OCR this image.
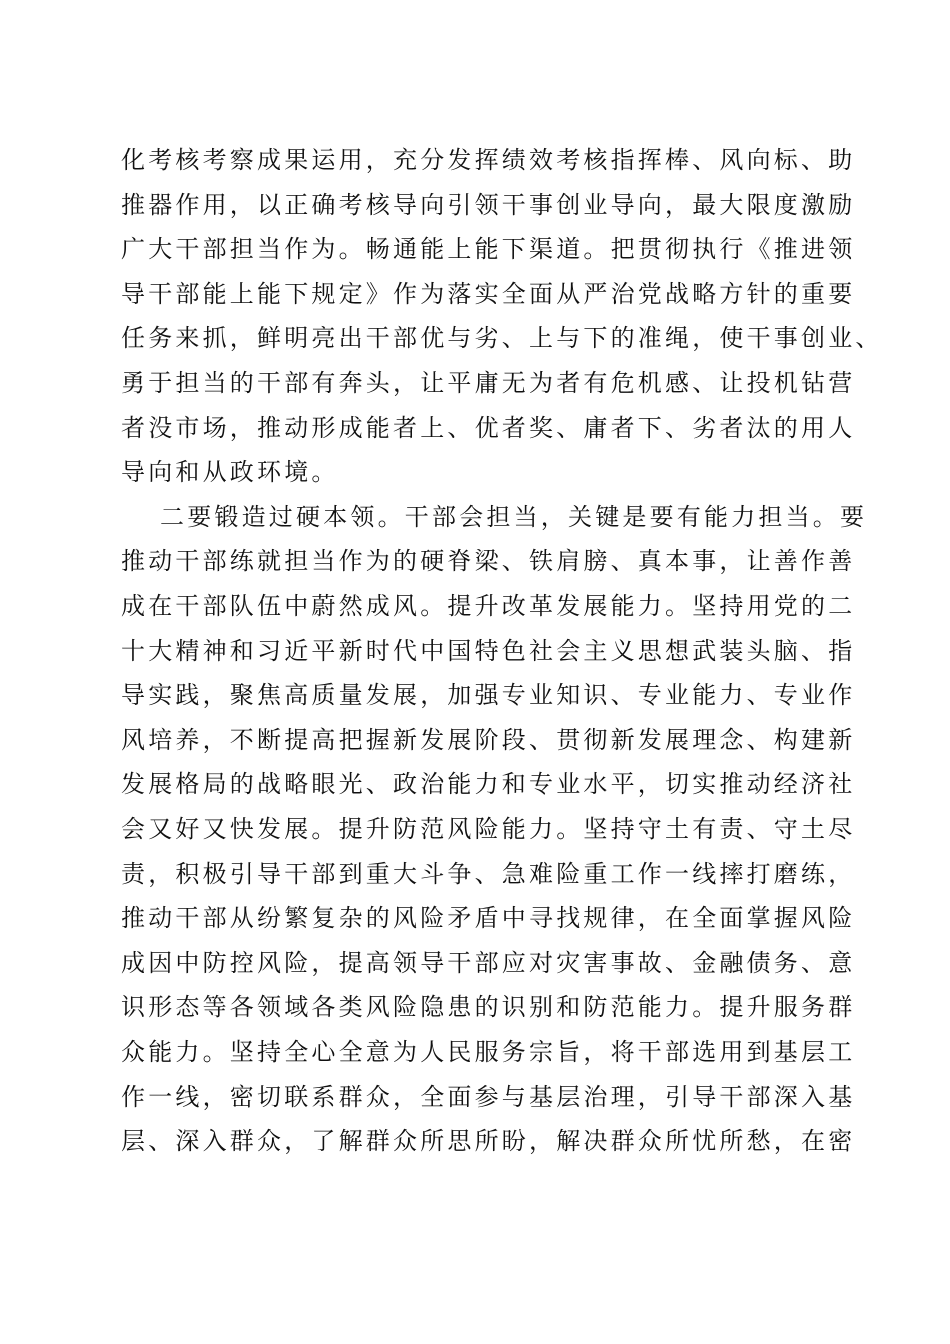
化考核考察成果运用，充分发挥绩效考核指挥棒、风向标、助
推器作用，以正确考核导向引领干事创业导向，最大限度激励
广大干部担当作为。畅通能上能下渠道。把贯彻执行《推进领
导干部能上能下规定》作为落实全面从严治党战略方针的重要
任务来抓，鲜明亮出干部优与劣、上与下的准绳，使干事创业、
勇于担当的干部有奔头，让平庸无为者有危机感、让投机钻营
者没市场，推动形成能者上、优者奖、庸者下、劣者汰的用人
导向和从政环境。
二要锻造过硬本领。干部会担当，关键是要有能力担当。要
推动干部练就担当作为的硬脊梁、铁肩膀、真本事，让善作善
成在干部队伍中蔚然成风。提升改革发展能力。坚持用党的二
十大精神和习近平新时代中国特色社会主义思想武装头脑、指
导实践，聚焦高质量发展，加强专业知识、专业能力、专业作
风培养，不断提高把握新发展阶段、贯彻新发展理念、构建新
发展格局的战略眼光、政治能力和专业水平，切实推动经济社
会又好又快发展。提升防范风险能力。坚持守土有责、守土尽
责，积极引导干部到重大斗争、急难险重工作一线摔打磨练，
推动干部从纷繁复杂的风险矛盾中寻找规律，在全面掌握风险
成因中防控风险，提高领导干部应对灾害事故、金融债务、意
识形态等各领域各类风险隐患的识别和防范能力。提升服务群
众能力。坚持全心全意为人民服务宗旨，将干部选用到基层工
作一线，密切联系群众，全面参与基层治理，引导干部深入基
层、深入群众，了解群众所思所盼，解决群众所忧所愁，在密
